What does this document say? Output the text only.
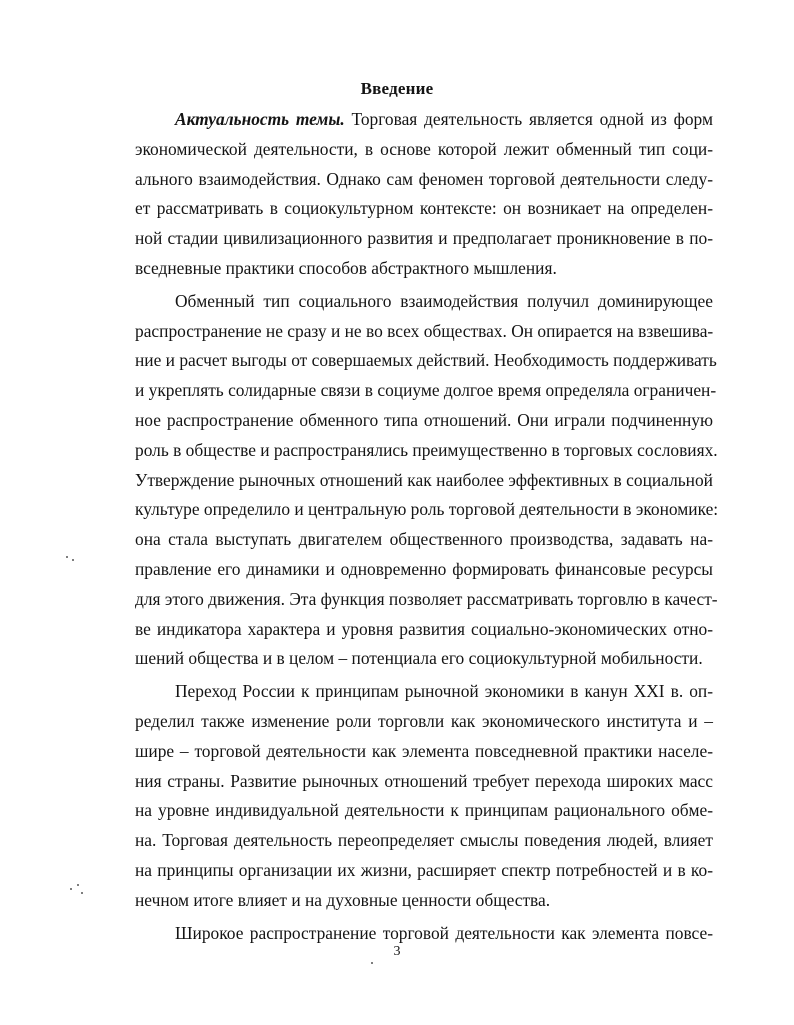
Введение
Актуальность темы. Торговая деятельность является одной из форм
экономической деятельности, в основе которой лежит обменный тип соци-
ального взаимодействия. Однако сам феномен торговой деятельности следу-
ет рассматривать в социокультурном контексте: он возникает на определен-
ной стадии цивилизационного развития и предполагает проникновение в по-
вседневные практики способов абстрактного мышления.
Обменный тип социального взаимодействия получил доминирующее
распространение не сразу и не во всех обществах. Он опирается на взвешива-
ние и расчет выгоды от совершаемых действий. Необходимость поддерживать
и укреплять солидарные связи в социуме долгое время определяла ограничен-
ное распространение обменного типа отношений. Они играли подчиненную
роль в обществе и распространялись преимущественно в торговых сословиях.
Утверждение рыночных отношений как наиболее эффективных в социальной
культуре определило и центральную роль торговой деятельности в экономике:
она стала выступать двигателем общественного производства, задавать на-
правление его динамики и одновременно формировать финансовые ресурсы
для этого движения. Эта функция позволяет рассматривать торговлю в качест-
ве индикатора характера и уровня развития социально-экономических отно-
шений общества и в целом – потенциала его социокультурной мобильности.
Переход России к принципам рыночной экономики в канун XXI в. оп-
ределил также изменение роли торговли как экономического института и –
шире – торговой деятельности как элемента повседневной практики населе-
ния страны. Развитие рыночных отношений требует перехода широких масс
на уровне индивидуальной деятельности к принципам рационального обме-
на. Торговая деятельность переопределяет смыслы поведения людей, влияет
на принципы организации их жизни, расширяет спектр потребностей и в ко-
нечном итоге влияет и на духовные ценности общества.
Широкое распространение торговой деятельности как элемента повсе-
3
